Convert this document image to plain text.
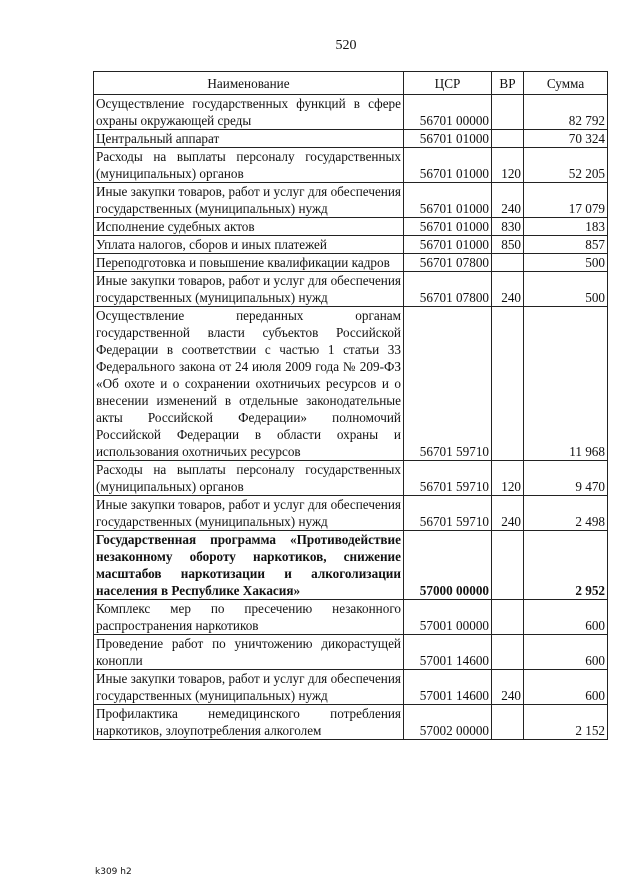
520
Наименование	ЦСР	ВР	Сумма
Осуществление государственных функций в сфере охраны окружающей среды	56701 00000		82 792
Центральный аппарат	56701 01000		70 324
Расходы на выплаты персоналу государственных (муниципальных) органов	56701 01000	120	52 205
Иные закупки товаров, работ и услуг для обеспечения государственных (муниципальных) нужд	56701 01000	240	17 079
Исполнение судебных актов	56701 01000	830	183
Уплата налогов, сборов и иных платежей	56701 01000	850	857
Переподготовка и повышение квалификации кадров	56701 07800		500
Иные закупки товаров, работ и услуг для обеспечения государственных (муниципальных) нужд	56701 07800	240	500
Осуществление переданных органам государственной власти субъектов Российской Федерации в соответствии с частью 1 статьи 33 Федерального закона от 24 июля 2009 года № 209-ФЗ «Об охоте и о сохранении охотничьих ресурсов и о внесении изменений в отдельные законодательные акты Российской Федерации» полномочий Российской Федерации в области охраны и использования охотничьих ресурсов	56701 59710		11 968
Расходы на выплаты персоналу государственных (муниципальных) органов	56701 59710	120	9 470
Иные закупки товаров, работ и услуг для обеспечения государственных (муниципальных) нужд	56701 59710	240	2 498
Государственная программа «Противодействие незаконному обороту наркотиков, снижение масштабов наркотизации и алкоголизации населения в Республике Хакасия»	57000 00000		2 952
Комплекс мер по пресечению незаконного распространения наркотиков	57001 00000		600
Проведение работ по уничтожению дикорастущей конопли	57001 14600		600
Иные закупки товаров, работ и услуг для обеспечения государственных (муниципальных) нужд	57001 14600	240	600
Профилактика немедицинского потребления наркотиков, злоупотребления алкоголем	57002 00000		2 152
k309 h2
